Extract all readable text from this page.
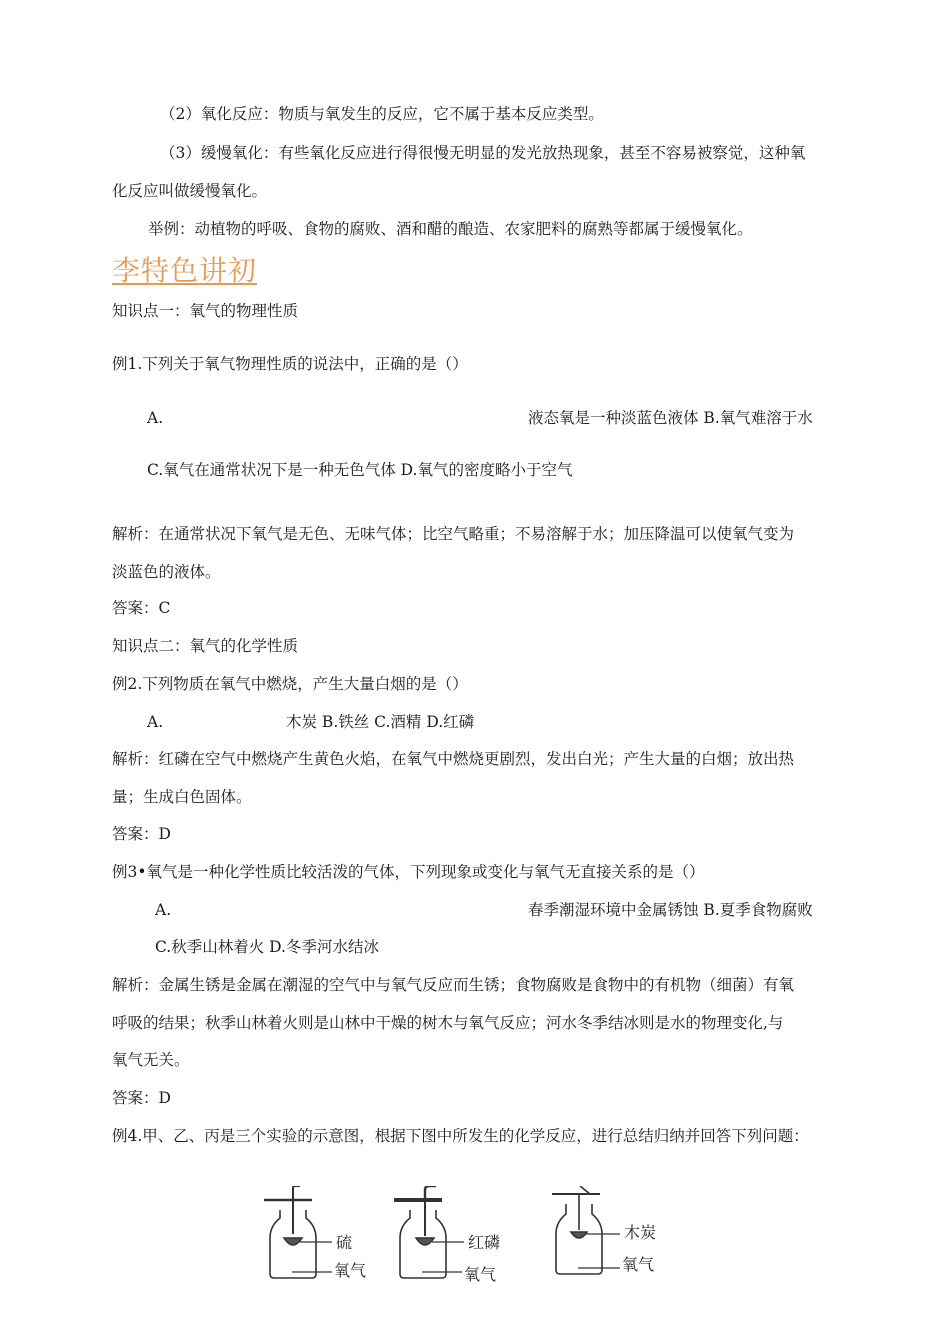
（2）氧化反应：物质与氧发生的反应，它不属于基本反应类型。
（3）缓慢氧化：有些氧化反应进行得很慢无明显的发光放热现象，甚至不容易被察觉，这种氧
化反应叫做缓慢氧化。
举例：动植物的呼吸、食物的腐败、酒和醋的酿造、农家肥料的腐熟等都属于缓慢氧化。
李特色讲初
知识点一：氧气的物理性质
例1.下列关于氧气物理性质的说法中，正确的是（）
A.	液态氧是一种淡蓝色液体 B.氧气难溶于水
C.氧气在通常状况下是一种无色气体 D.氧气的密度略小于空气
解析：在通常状况下氧气是无色、无味气体；比空气略重；不易溶解于水；加压降温可以使氧气变为
淡蓝色的液体。
答案：C
知识点二：氧气的化学性质
例2.下列物质在氧气中燃烧，产生大量白烟的是（）
A.	木炭 B.铁丝 C.酒精 D.红磷
解析：红磷在空气中燃烧产生黄色火焰，在氧气中燃烧更剧烈，发出白光；产生大量的白烟；放出热
量；生成白色固体。
答案：D
例3•氧气是一种化学性质比较活泼的气体，下列现象或变化与氧气无直接关系的是（）
A.	春季潮湿环境中金属锈蚀 B.夏季食物腐败
C.秋季山林着火 D.冬季河水结冰
解析：金属生锈是金属在潮湿的空气中与氧气反应而生锈；食物腐败是食物中的有机物（细菌）有氧
呼吸的结果；秋季山林着火则是山林中干燥的树木与氧气反应；河水冬季结冰则是水的物理变化,与
氧气无关。
答案：D
例4.甲、乙、丙是三个实验的示意图，根据下图中所发生的化学反应，进行总结归纳并回答下列问题：
硫
氧气
红磷
氧气
木炭
氧气
